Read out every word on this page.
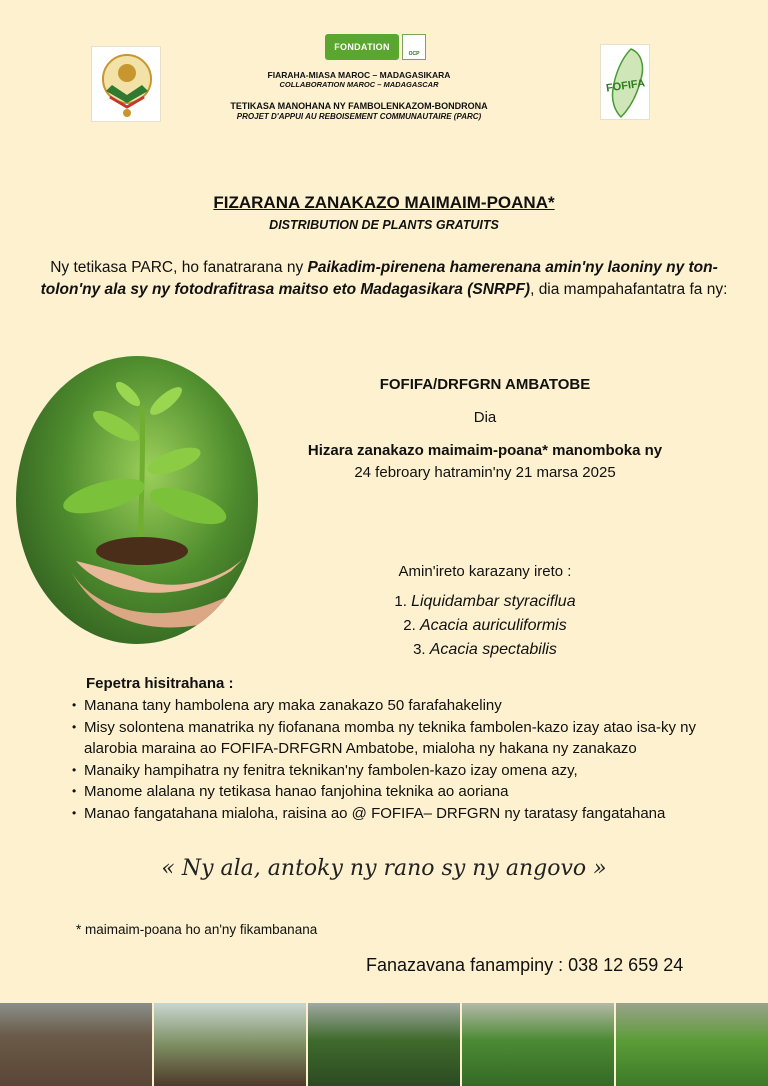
FONDATION
OCP
FIARAHA-MIASA MAROC – MADAGASIKARA
COLLABORATION MAROC – MADAGASCAR
TETIKASA MANOHANA NY FAMBOLENKAZOM-BONDRONA
PROJET D'APPUI AU REBOISEMENT COMMUNAUTAIRE (PARC)
FOFIFA
FIZARANA ZANAKAZO MAIMAIM-POANA*
DISTRIBUTION DE PLANTS GRATUITS
Ny tetikasa PARC, ho fanatrarana ny Paikadim-pirenena hamerenana amin'ny laoniny ny ton-tolon'ny ala sy ny fotodrafitrasa maitso eto Madagasikara (SNRPF), dia mampahafantatra fa ny:
FOFIFA/DRFGRN AMBATOBE
Dia
Hizara zanakazo maimaim-poana* manomboka ny
24 febroary hatramin'ny 21 marsa 2025
Amin'ireto karazany ireto :
1. Liquidambar styraciflua
2. Acacia auriculiformis
3. Acacia spectabilis
Fepetra hisitrahana :
• Manana tany hambolena ary maka zanakazo 50 farafahakeliny
• Misy solontena manatrika ny fiofanana momba ny teknika fambolen-kazo izay atao isa-ky ny alarobia maraina ao FOFIFA-DRFGRN Ambatobe, mialoha ny hakana ny zanakazo
• Manaiky hampihatra ny fenitra teknikan'ny fambolen-kazo izay omena azy,
• Manome alalana ny tetikasa hanao fanjohina teknika ao aoriana
• Manao fangatahana mialoha, raisina ao @ FOFIFA– DRFGRN ny taratasy fangatahana
« Ny ala, antoky ny rano sy ny angovo »
* maimaim-poana ho an'ny fikambanana
Fanazavana fanampiny : 038 12 659 24
